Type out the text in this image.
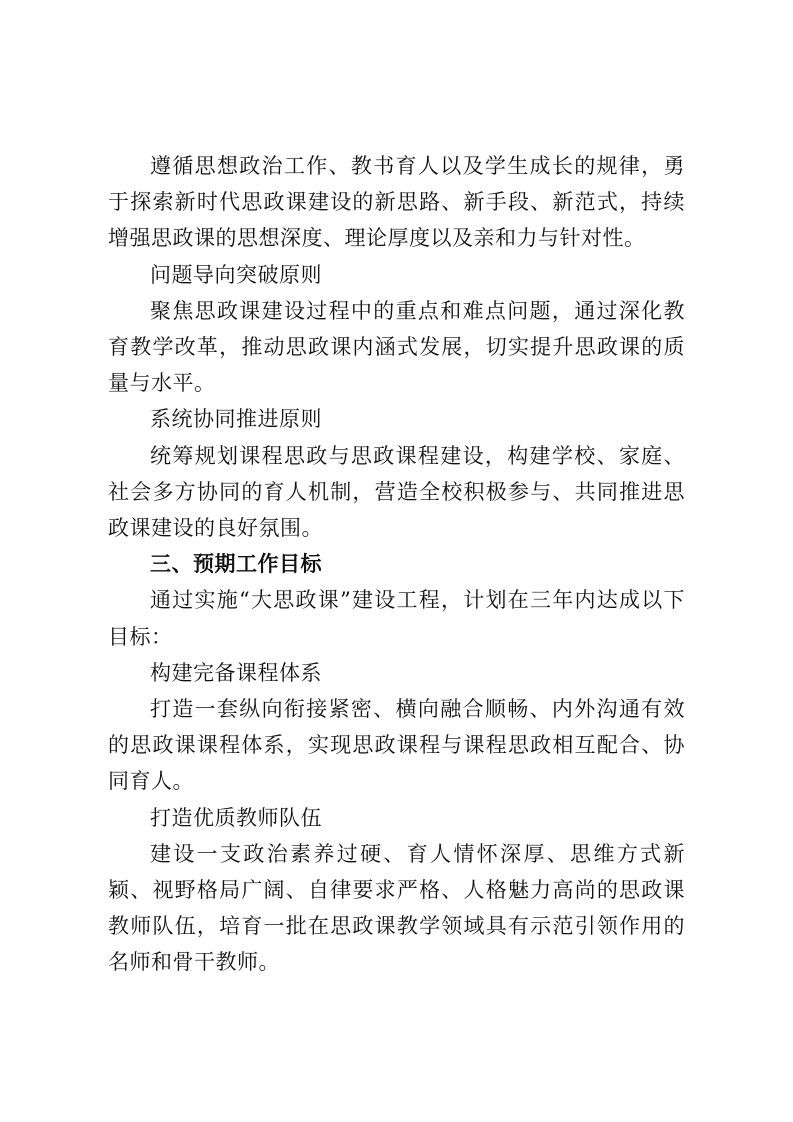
遵循思想政治工作、教书育人以及学生成长的规律，勇于探索新时代思政课建设的新思路、新手段、新范式，持续增强思政课的思想深度、理论厚度以及亲和力与针对性。

问题导向突破原则

聚焦思政课建设过程中的重点和难点问题，通过深化教育教学改革，推动思政课内涵式发展，切实提升思政课的质量与水平。

系统协同推进原则

统筹规划课程思政与思政课程建设，构建学校、家庭、社会多方协同的育人机制，营造全校积极参与、共同推进思政课建设的良好氛围。

三、预期工作目标

通过实施“大思政课”建设工程，计划在三年内达成以下目标：

构建完备课程体系

打造一套纵向衔接紧密、横向融合顺畅、内外沟通有效的思政课课程体系，实现思政课程与课程思政相互配合、协同育人。

打造优质教师队伍

建设一支政治素养过硬、育人情怀深厚、思维方式新颖、视野格局广阔、自律要求严格、人格魅力高尚的思政课教师队伍，培育一批在思政课教学领域具有示范引领作用的名师和骨干教师。
